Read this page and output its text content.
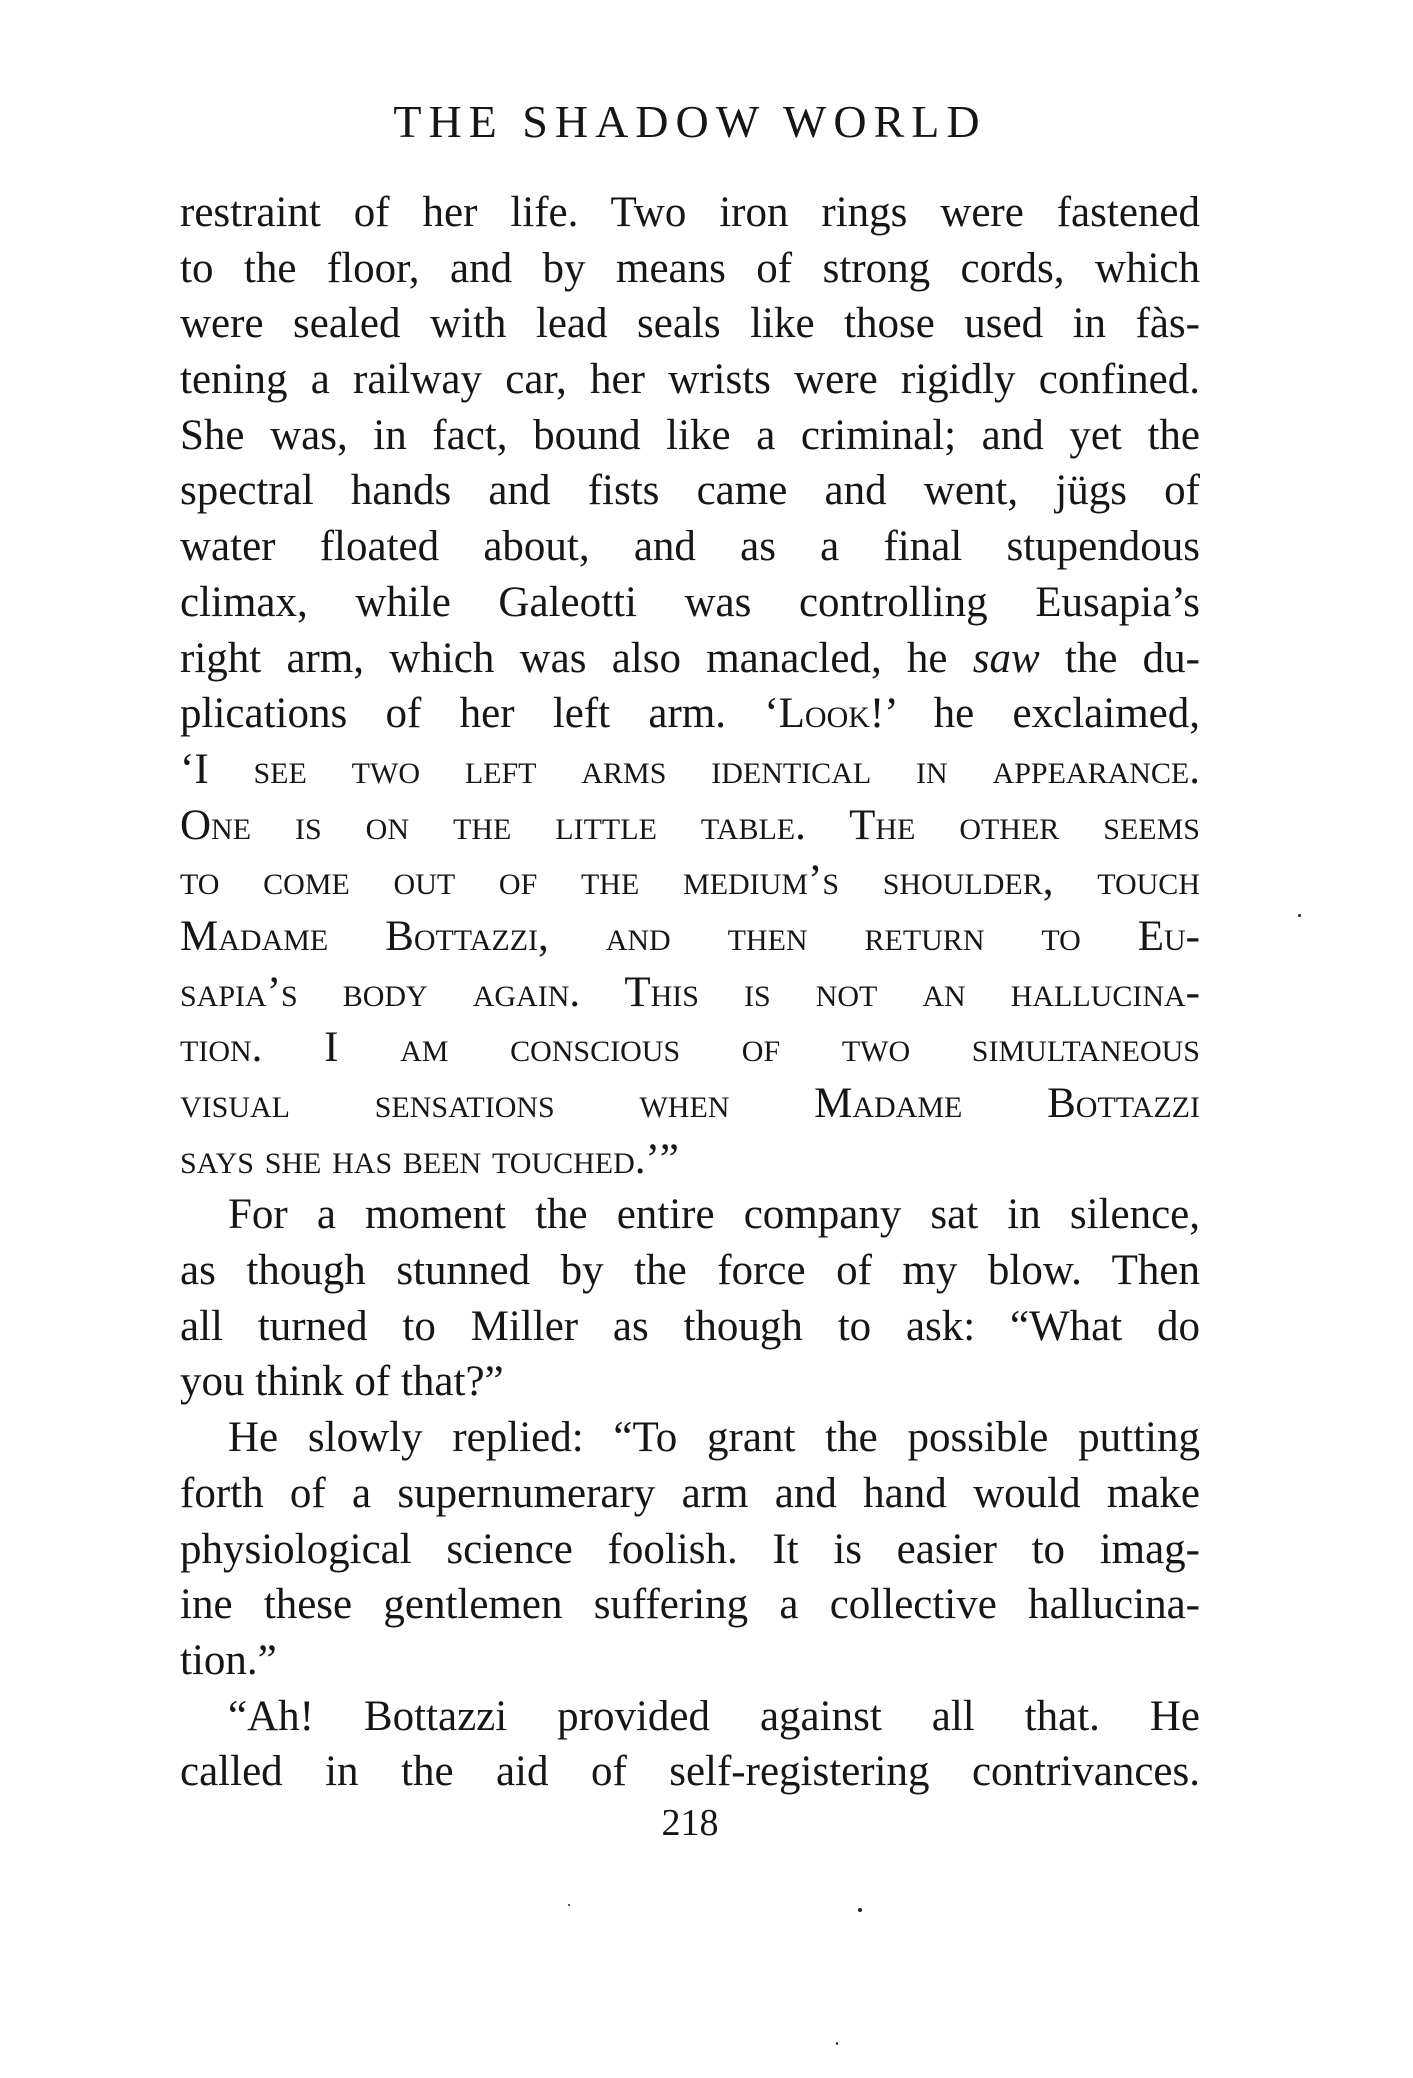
THE SHADOW WORLD
restraint of her life. Two iron rings were fastened
to the floor, and by means of strong cords, which
were sealed with lead seals like those used in fàs-
tening a railway car, her wrists were rigidly confined.
She was, in fact, bound like a criminal; and yet the
spectral hands and fists came and went, jügs of
water floated about, and as a final stupendous
climax, while Galeotti was controlling Eusapia’s
right arm, which was also manacled, he saw the du-
plications of her left arm. ‘Look!’ he exclaimed,
‘I see two left arms identical in appearance.
One is on the little table. The other seems
to come out of the medium’s shoulder, touch
Madame Bottazzi, and then return to Eu-
sapia’s body again. This is not an hallucina-
tion. I am conscious of two simultaneous
visual sensations when Madame Bottazzi
says she has been touched.’”
For a moment the entire company sat in silence,
as though stunned by the force of my blow. Then
all turned to Miller as though to ask: “What do
you think of that?”
He slowly replied: “To grant the possible putting
forth of a supernumerary arm and hand would make
physiological science foolish. It is easier to imag-
ine these gentlemen suffering a collective hallucina-
tion.”
“Ah! Bottazzi provided against all that. He
called in the aid of self-registering contrivances.
218
